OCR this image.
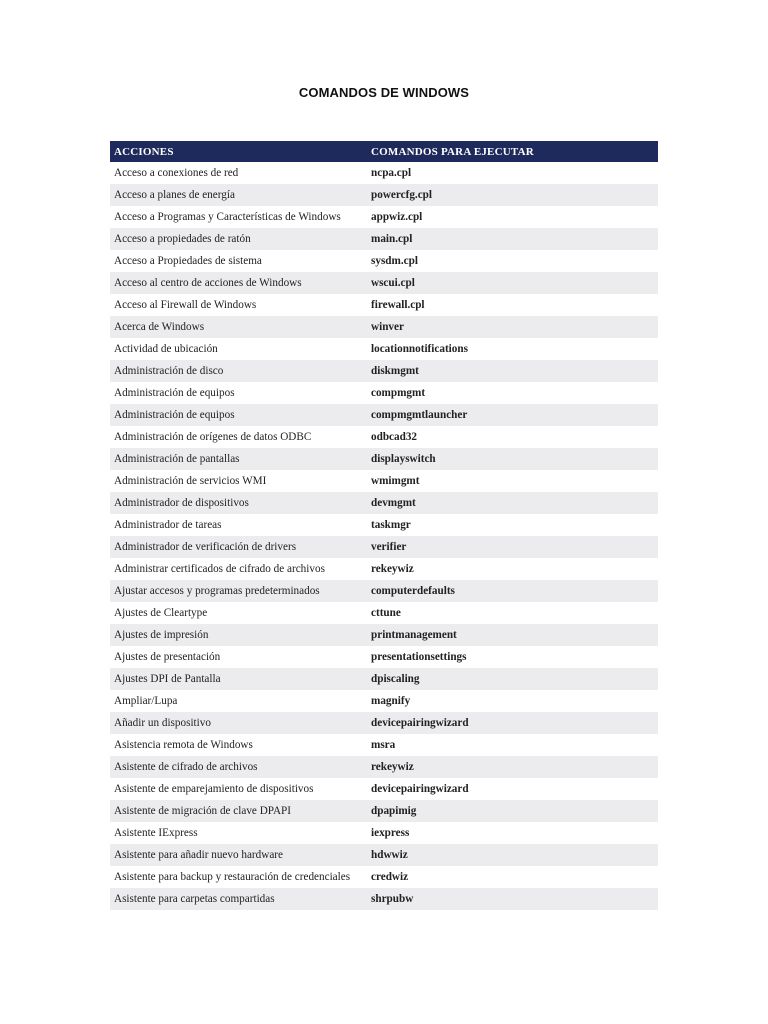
COMANDOS DE WINDOWS
ACCIONES	COMANDOS PARA EJECUTAR
Acceso a conexiones de red	ncpa.cpl
Acceso a planes de energía	powercfg.cpl
Acceso a Programas y Características de Windows	appwiz.cpl
Acceso a propiedades de ratón	main.cpl
Acceso a Propiedades de sistema	sysdm.cpl
Acceso al centro de acciones de Windows	wscui.cpl
Acceso al Firewall de Windows	firewall.cpl
Acerca de Windows	winver
Actividad de ubicación	locationnotifications
Administración de disco	diskmgmt
Administración de equipos	compmgmt
Administración de equipos	compmgmtlauncher
Administración de orígenes de datos ODBC	odbcad32
Administración de pantallas	displayswitch
Administración de servicios WMI	wmimgmt
Administrador de dispositivos	devmgmt
Administrador de tareas	taskmgr
Administrador de verificación de drivers	verifier
Administrar certificados de cifrado de archivos	rekeywiz
Ajustar accesos y programas predeterminados	computerdefaults
Ajustes de Cleartype	cttune
Ajustes de impresión	printmanagement
Ajustes de presentación	presentationsettings
Ajustes DPI de Pantalla	dpiscaling
Ampliar/Lupa	magnify
Añadir un dispositivo	devicepairingwizard
Asistencia remota de Windows	msra
Asistente de cifrado de archivos	rekeywiz
Asistente de emparejamiento de dispositivos	devicepairingwizard
Asistente de migración de clave DPAPI	dpapimig
Asistente IExpress	iexpress
Asistente para añadir nuevo hardware	hdwwiz
Asistente para backup y restauración de credenciales	credwiz
Asistente para carpetas compartidas	shrpubw
